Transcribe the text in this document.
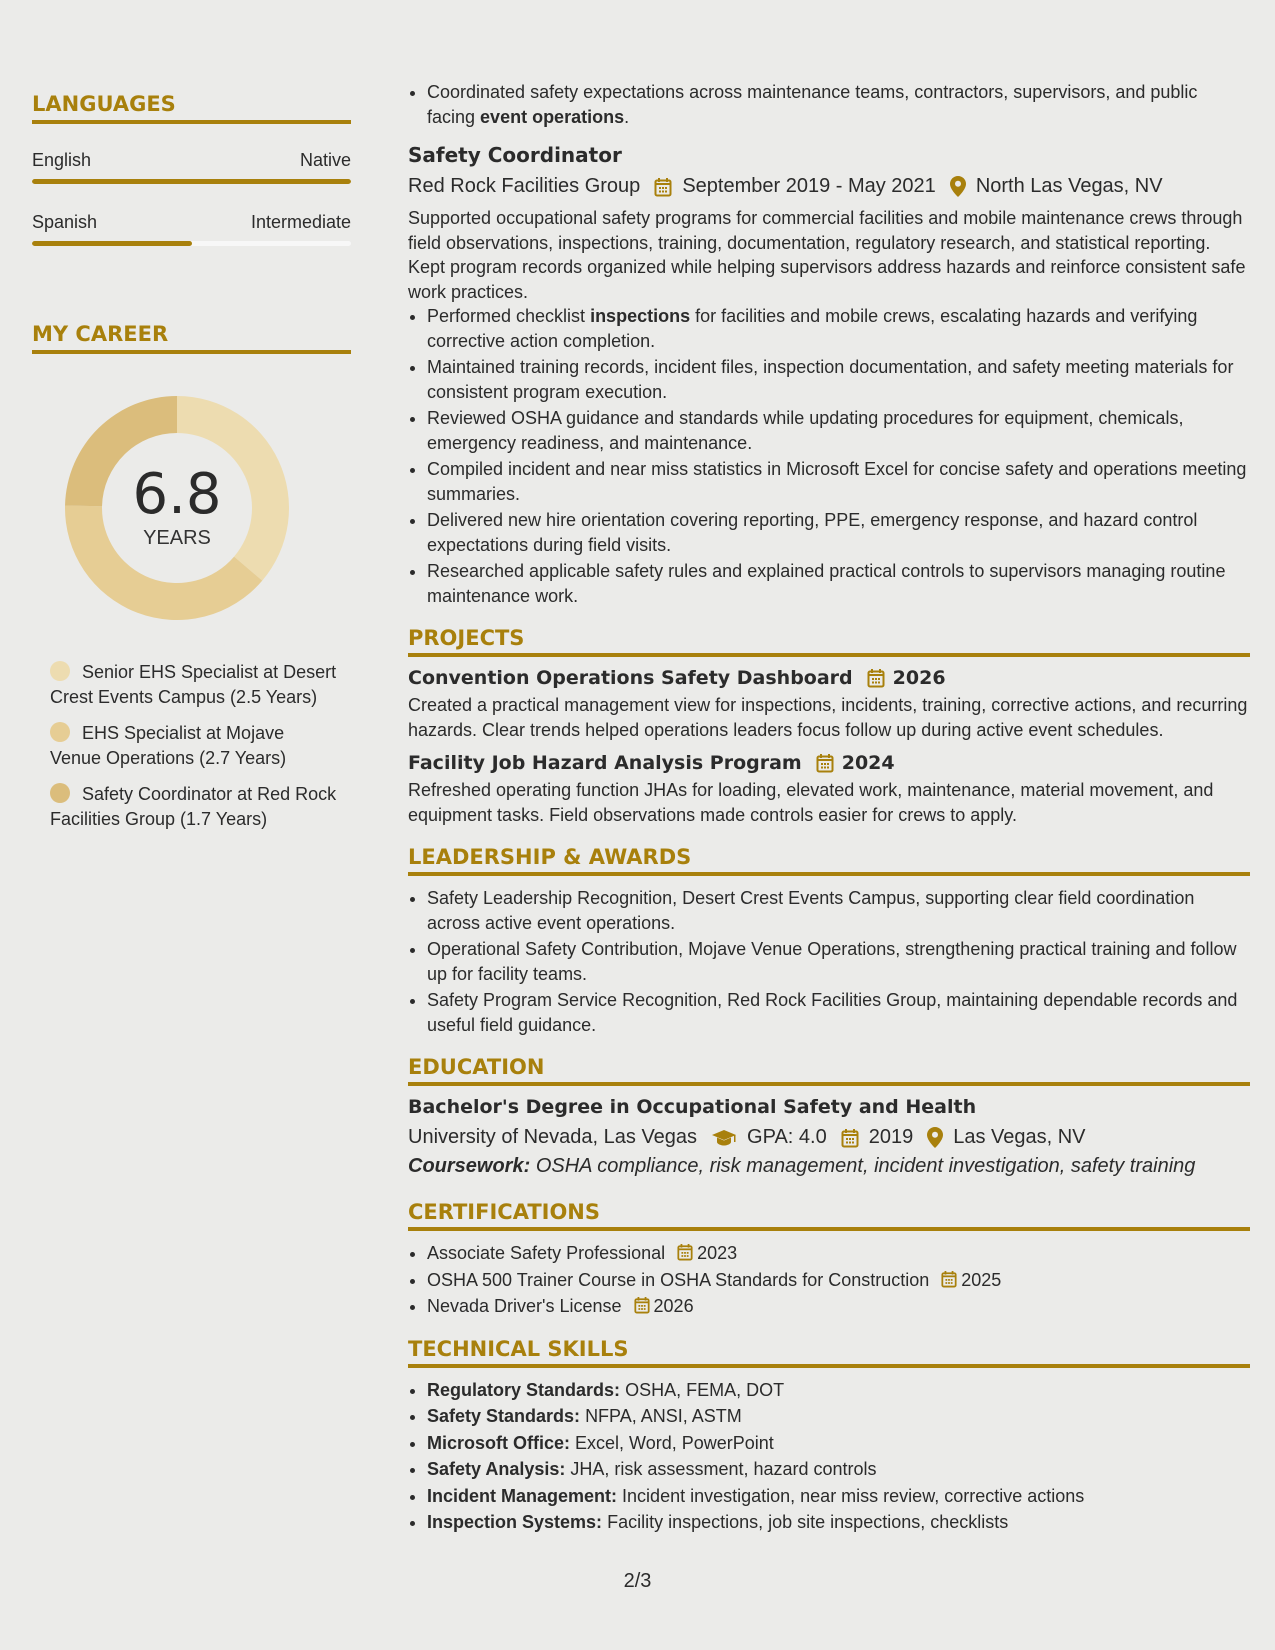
LANGUAGES
English	Native
Spanish	Intermediate
MY CAREER
6.8
YEARS
Senior EHS Specialist at Desert Crest Events Campus (2.5 Years)
EHS Specialist at Mojave Venue Operations (2.7 Years)
Safety Coordinator at Red Rock Facilities Group (1.7 Years)
• Coordinated safety expectations across maintenance teams, contractors, supervisors, and public facing event operations.
Safety Coordinator
Red Rock Facilities Group September 2019 - May 2021 North Las Vegas, NV
Supported occupational safety programs for commercial facilities and mobile maintenance crews through field observations, inspections, training, documentation, regulatory research, and statistical reporting. Kept program records organized while helping supervisors address hazards and reinforce consistent safe work practices.
• Performed checklist inspections for facilities and mobile crews, escalating hazards and verifying corrective action completion.
• Maintained training records, incident files, inspection documentation, and safety meeting materials for consistent program execution.
• Reviewed OSHA guidance and standards while updating procedures for equipment, chemicals, emergency readiness, and maintenance.
• Compiled incident and near miss statistics in Microsoft Excel for concise safety and operations meeting summaries.
• Delivered new hire orientation covering reporting, PPE, emergency response, and hazard control expectations during field visits.
• Researched applicable safety rules and explained practical controls to supervisors managing routine maintenance work.
PROJECTS
Convention Operations Safety Dashboard 2026
Created a practical management view for inspections, incidents, training, corrective actions, and recurring hazards. Clear trends helped operations leaders focus follow up during active event schedules.
Facility Job Hazard Analysis Program 2024
Refreshed operating function JHAs for loading, elevated work, maintenance, material movement, and equipment tasks. Field observations made controls easier for crews to apply.
LEADERSHIP & AWARDS
• Safety Leadership Recognition, Desert Crest Events Campus, supporting clear field coordination across active event operations.
• Operational Safety Contribution, Mojave Venue Operations, strengthening practical training and follow up for facility teams.
• Safety Program Service Recognition, Red Rock Facilities Group, maintaining dependable records and useful field guidance.
EDUCATION
Bachelor's Degree in Occupational Safety and Health
University of Nevada, Las Vegas	GPA: 4.0 2019 Las Vegas, NV
Coursework: OSHA compliance, risk management, incident investigation, safety training
CERTIFICATIONS
• Associate Safety Professional 2023
• OSHA 500 Trainer Course in OSHA Standards for Construction 2025
• Nevada Driver's License 2026
TECHNICAL SKILLS
• Regulatory Standards: OSHA, FEMA, DOT
• Safety Standards: NFPA, ANSI, ASTM
• Microsoft Office: Excel, Word, PowerPoint
• Safety Analysis: JHA, risk assessment, hazard controls
• Incident Management: Incident investigation, near miss review, corrective actions
• Inspection Systems: Facility inspections, job site inspections, checklists
2/3
